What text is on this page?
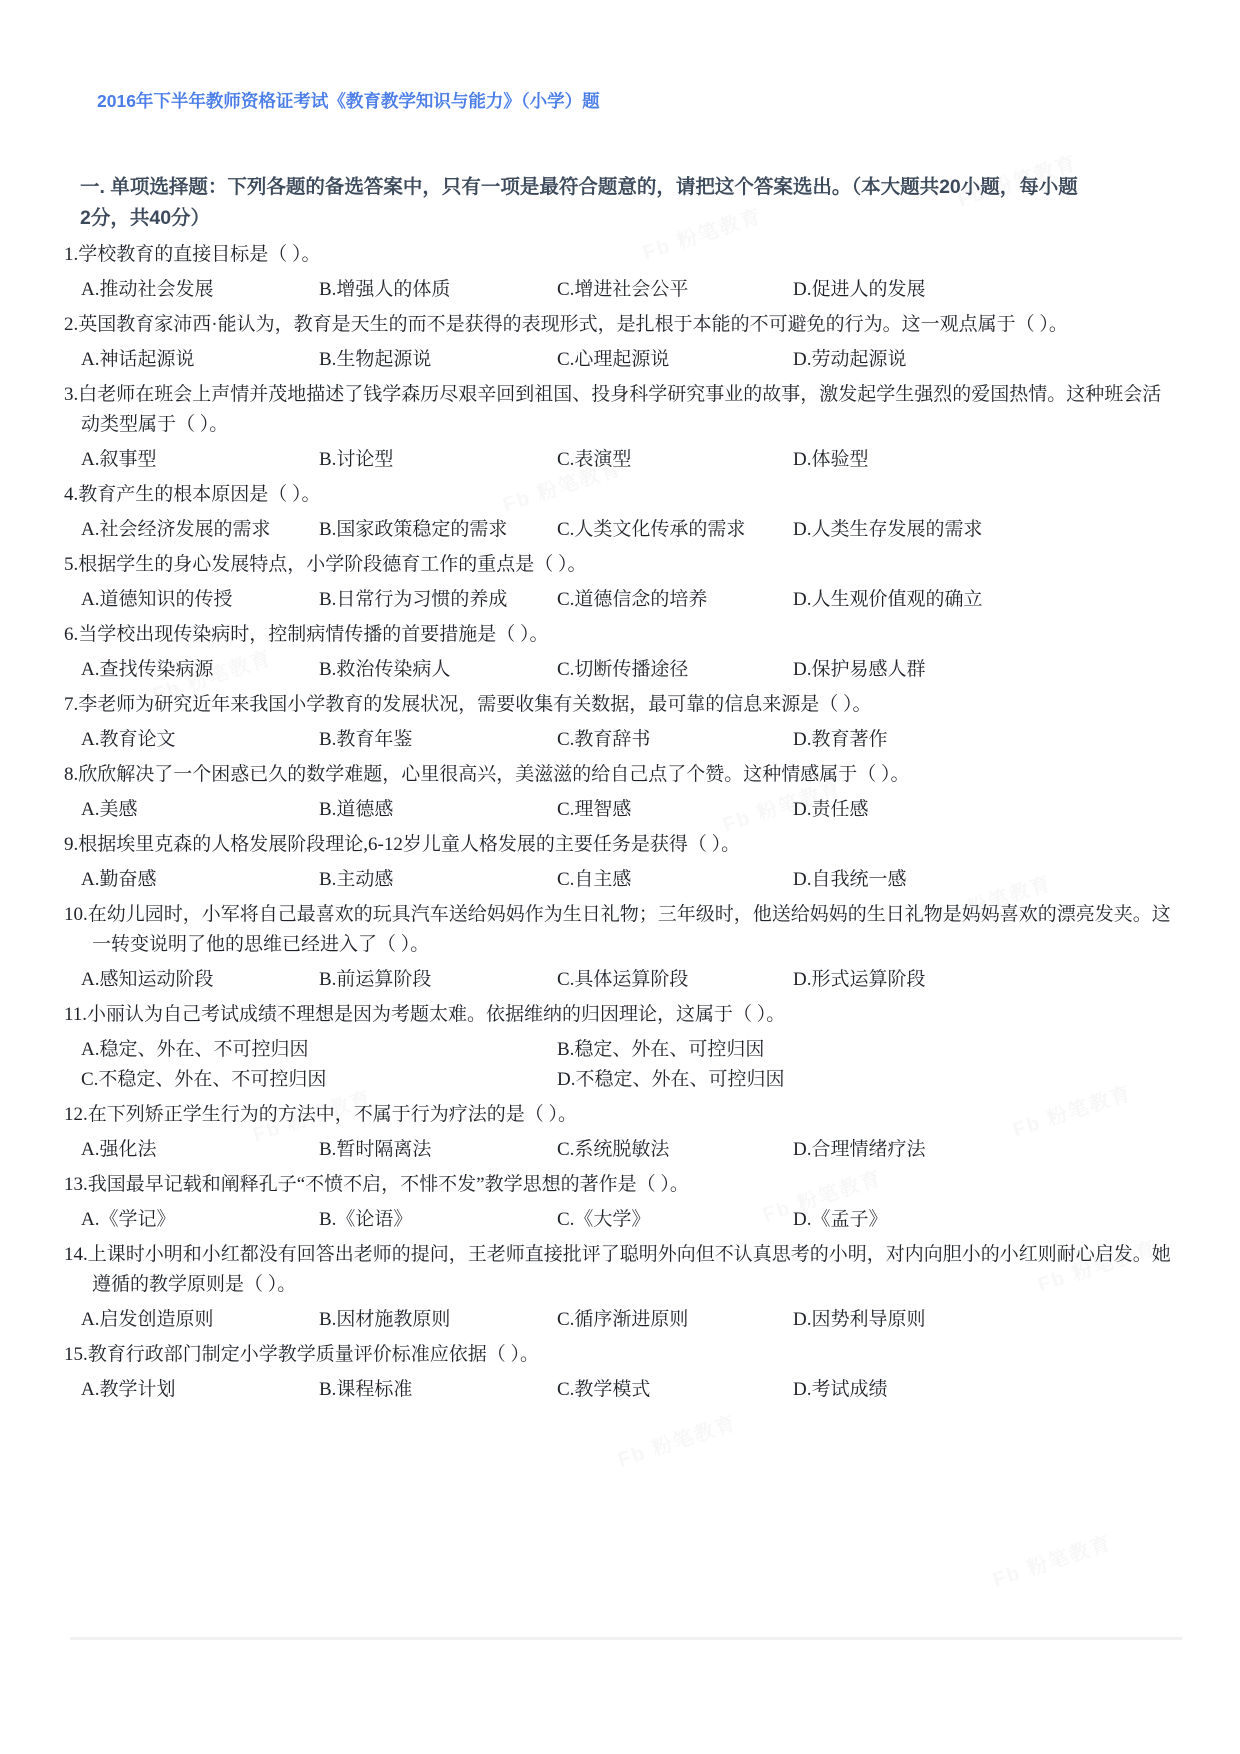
2016年下半年教师资格证考试《教育教学知识与能力》（小学）题
一. 单项选择题：下列各题的备选答案中，只有一项是最符合题意的，请把这个答案选出。（本大题共20小题，每小题2分，共40分）
1.学校教育的直接目标是（ ）。
A.推动社会发展	B.增强人的体质	C.增进社会公平	D.促进人的发展
2.英国教育家沛西·能认为，教育是天生的而不是获得的表现形式，是扎根于本能的不可避免的行为。这一观点属于（ ）。
A.神话起源说	B.生物起源说	C.心理起源说	D.劳动起源说
3.白老师在班会上声情并茂地描述了钱学森历尽艰辛回到祖国、投身科学研究事业的故事，激发起学生强烈的爱国热情。这种班会活动类型属于（ ）。
A.叙事型	B.讨论型	C.表演型	D.体验型
4.教育产生的根本原因是（ ）。
A.社会经济发展的需求	B.国家政策稳定的需求	C.人类文化传承的需求	D.人类生存发展的需求
5.根据学生的身心发展特点，小学阶段德育工作的重点是（ ）。
A.道德知识的传授	B.日常行为习惯的养成	C.道德信念的培养	D.人生观价值观的确立
6.当学校出现传染病时，控制病情传播的首要措施是（ ）。
A.查找传染病源	B.救治传染病人	C.切断传播途径	D.保护易感人群
7.李老师为研究近年来我国小学教育的发展状况，需要收集有关数据，最可靠的信息来源是（ ）。
A.教育论文	B.教育年鉴	C.教育辞书	D.教育著作
8.欣欣解决了一个困惑已久的数学难题，心里很高兴，美滋滋的给自己点了个赞。这种情感属于（ ）。
A.美感	B.道德感	C.理智感	D.责任感
9.根据埃里克森的人格发展阶段理论,6-12岁儿童人格发展的主要任务是获得（ ）。
A.勤奋感	B.主动感	C.自主感	D.自我统一感
10.在幼儿园时，小军将自己最喜欢的玩具汽车送给妈妈作为生日礼物；三年级时，他送给妈妈的生日礼物是妈妈喜欢的漂亮发夹。这一转变说明了他的思维已经进入了（ ）。
A.感知运动阶段	B.前运算阶段	C.具体运算阶段	D.形式运算阶段
11.小丽认为自己考试成绩不理想是因为考题太难。依据维纳的归因理论，这属于（ ）。
A.稳定、外在、不可控归因	B.稳定、外在、可控归因
C.不稳定、外在、不可控归因	D.不稳定、外在、可控归因
12.在下列矫正学生行为的方法中，不属于行为疗法的是（ ）。
A.强化法	B.暂时隔离法	C.系统脱敏法	D.合理情绪疗法
13.我国最早记载和阐释孔子“不愤不启，不悱不发”教学思想的著作是（ ）。
A.《学记》	B.《论语》	C.《大学》	D.《孟子》
14.上课时小明和小红都没有回答出老师的提问，王老师直接批评了聪明外向但不认真思考的小明，对内向胆小的小红则耐心启发。她遵循的教学原则是（ ）。
A.启发创造原则	B.因材施教原则	C.循序渐进原则	D.因势利导原则
15.教育行政部门制定小学教学质量评价标准应依据（ ）。
A.教学计划	B.课程标准	C.教学模式	D.考试成绩
